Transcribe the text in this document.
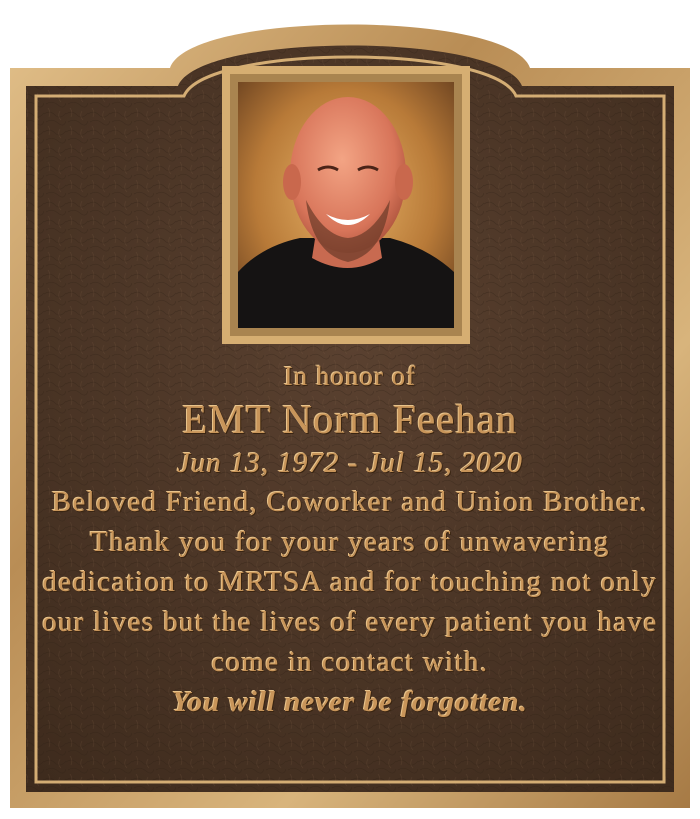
In honor of
EMT Norm Feehan
Jun 13, 1972 - Jul 15, 2020
Beloved Friend, Coworker and Union Brother. Thank you for your years of unwavering dedication to MRTSA and for touching not only our lives but the lives of every patient you have come in contact with.
You will never be forgotten.
